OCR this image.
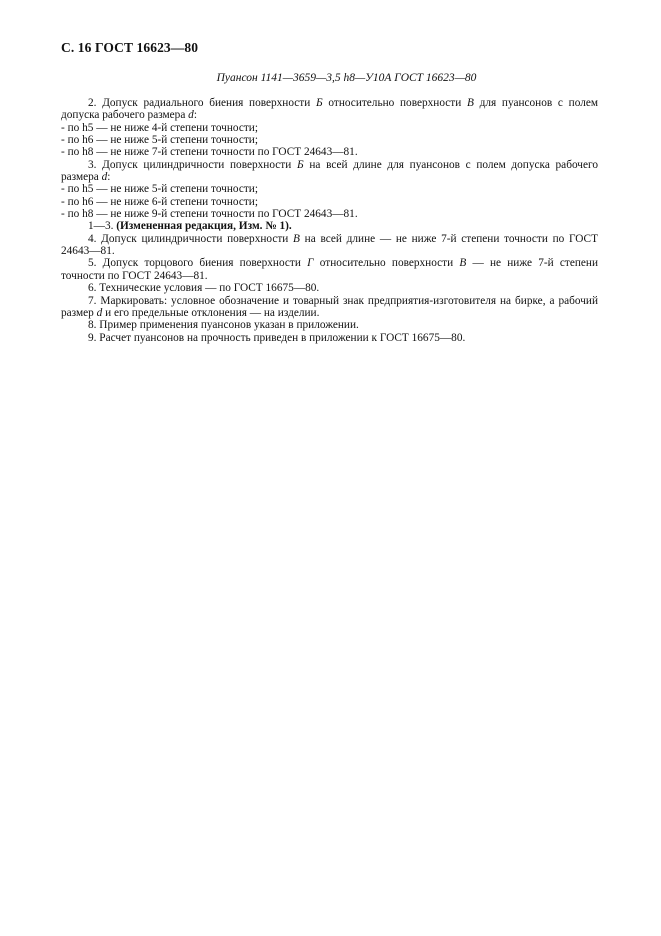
С. 16 ГОСТ 16623—80
Пуансон 1141—3659—3,5 h8—У10А ГОСТ 16623—80

2. Допуск радиального биения поверхности Б относительно поверхности В для пуансонов с полем допуска рабочего размера d:

- по h5 — не ниже 4-й степени точности;

- по h6 — не ниже 5-й степени точности;

- по h8 — не ниже 7-й степени точности по ГОСТ 24643—81.

3. Допуск цилиндричности поверхности Б на всей длине для пуансонов с полем допуска рабочего размера d:

- по h5 — не ниже 5-й степени точности;

- по h6 — не ниже 6-й степени точности;

- по h8 — не ниже 9-й степени точности по ГОСТ 24643—81.

1—3. (Измененная редакция, Изм. № 1).

4. Допуск цилиндричности поверхности В на всей длине — не ниже 7-й степени точности по ГОСТ 24643—81.

5. Допуск торцового биения поверхности Г относительно поверхности В — не ниже 7-й степени точности по ГОСТ 24643—81.

6. Технические условия — по ГОСТ 16675—80.

7. Маркировать: условное обозначение и товарный знак предприятия-изготовителя на бирке, а рабочий размер d и его предельные отклонения — на изделии.

8. Пример применения пуансонов указан в приложении.

9. Расчет пуансонов на прочность приведен в приложении к ГОСТ 16675—80.
